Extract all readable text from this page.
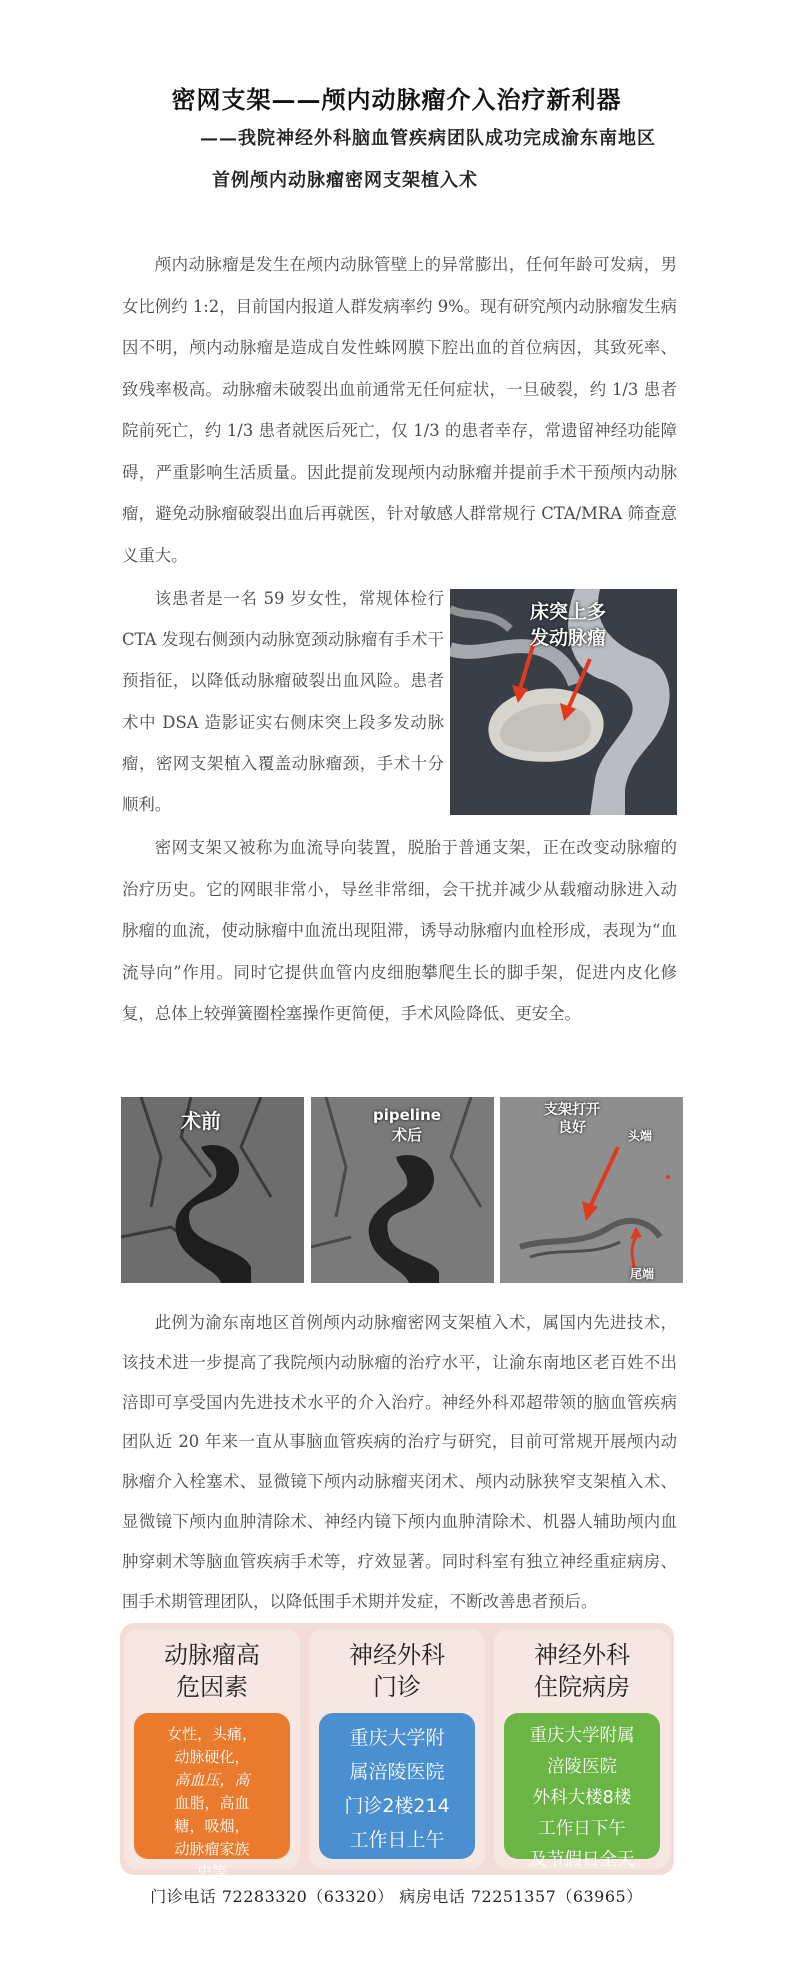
密网支架——颅内动脉瘤介入治疗新利器
——我院神经外科脑血管疾病团队成功完成渝东南地区
首例颅内动脉瘤密网支架植入术
颅内动脉瘤是发生在颅内动脉管壁上的异常膨出，任何年龄可发病，男女比例约 1:2，目前国内报道人群发病率约 9%。现有研究颅内动脉瘤发生病因不明，颅内动脉瘤是造成自发性蛛网膜下腔出血的首位病因，其致死率、致残率极高。动脉瘤未破裂出血前通常无任何症状，一旦破裂，约 1/3 患者院前死亡，约 1/3 患者就医后死亡，仅 1/3 的患者幸存，常遗留神经功能障碍，严重影响生活质量。因此提前发现颅内动脉瘤并提前手术干预颅内动脉瘤，避免动脉瘤破裂出血后再就医，针对敏感人群常规行 CTA/MRA 筛查意义重大。
该患者是一名 59 岁女性，常规体检行 CTA 发现右侧颈内动脉宽颈动脉瘤有手术干预指征，以降低动脉瘤破裂出血风险。患者术中 DSA 造影证实右侧床突上段多发动脉瘤，密网支架植入覆盖动脉瘤颈，手术十分顺利。
床突上多
发动脉瘤
密网支架又被称为血流导向装置，脱胎于普通支架，正在改变动脉瘤的治疗历史。它的网眼非常小，导丝非常细，会干扰并减少从载瘤动脉进入动脉瘤的血流，使动脉瘤中血流出现阻滞，诱导动脉瘤内血栓形成，表现为“血流导向”作用。同时它提供血管内皮细胞攀爬生长的脚手架，促进内皮化修复，总体上较弹簧圈栓塞操作更简便，手术风险降低、更安全。
术前	pipeline
术后
支架打开
良好	头端
尾端
此例为渝东南地区首例颅内动脉瘤密网支架植入术，属国内先进技术，该技术进一步提高了我院颅内动脉瘤的治疗水平，让渝东南地区老百姓不出涪即可享受国内先进技术水平的介入治疗。神经外科邓超带领的脑血管疾病团队近 20 年来一直从事脑血管疾病的治疗与研究，目前可常规开展颅内动脉瘤介入栓塞术、显微镜下颅内动脉瘤夹闭术、颅内动脉狭窄支架植入术、显微镜下颅内血肿清除术、神经内镜下颅内血肿清除术、机器人辅助颅内血肿穿刺术等脑血管疾病手术等，疗效显著。同时科室有独立神经重症病房、围手术期管理团队，以降低围手术期并发症，不断改善患者预后。
动脉瘤高
危因素
女性，头痛，
动脉硬化，
高血压，高
血脂，高血
糖，吸烟，
动脉瘤家族
史等
神经外科
门诊
重庆大学附
属涪陵医院
门诊2楼214
工作日上午
神经外科
住院病房
重庆大学附属
涪陵医院
外科大楼8楼
工作日下午
及节假日全天
门诊电话 72283320（63320） 病房电话 72251357（63965）
